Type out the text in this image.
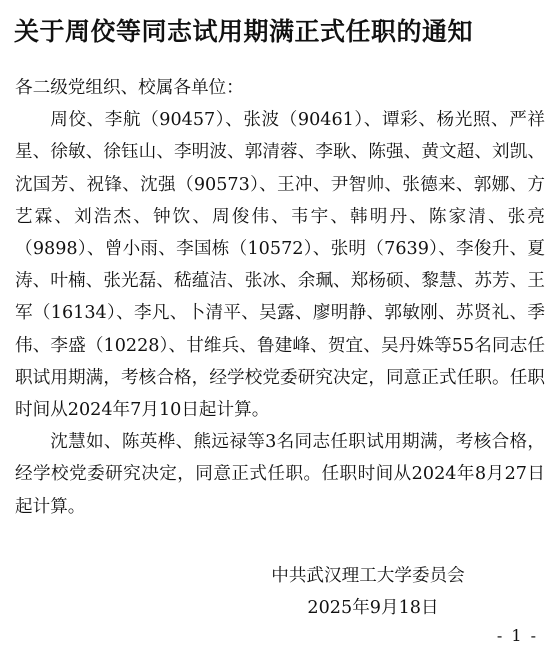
关于周佼等同志试用期满正式任职的通知

各二级党组织、校属各单位：

周佼、李航（90457）、张波（90461）、谭彩、杨光照、严祥星、徐敏、徐钰山、李明波、郭清蓉、李耿、陈强、黄文超、刘凯、沈国芳、祝锋、沈强（90573）、王冲、尹智帅、张德来、郭娜、方艺霖、刘浩杰、钟饮、周俊伟、韦宇、韩明丹、陈家清、张亮（9898）、曾小雨、李国栋（10572）、张明（7639）、李俊升、夏涛、叶楠、张光磊、嵇蕴洁、张冰、余珮、郑杨硕、黎慧、苏芳、王军（16134）、李凡、卜清平、吴露、廖明静、郭敏刚、苏贤礼、季伟、李盛（10228）、甘维兵、鲁建峰、贺宜、吴丹姝等55名同志任职试用期满，考核合格，经学校党委研究决定，同意正式任职。任职时间从2024年7月10日起计算。

沈慧如、陈英桦、熊远禄等3名同志任职试用期满，考核合格，经学校党委研究决定，同意正式任职。任职时间从2024年8月27日起计算。

中共武汉理工大学委员会
2025年9月18日
- 1 -
